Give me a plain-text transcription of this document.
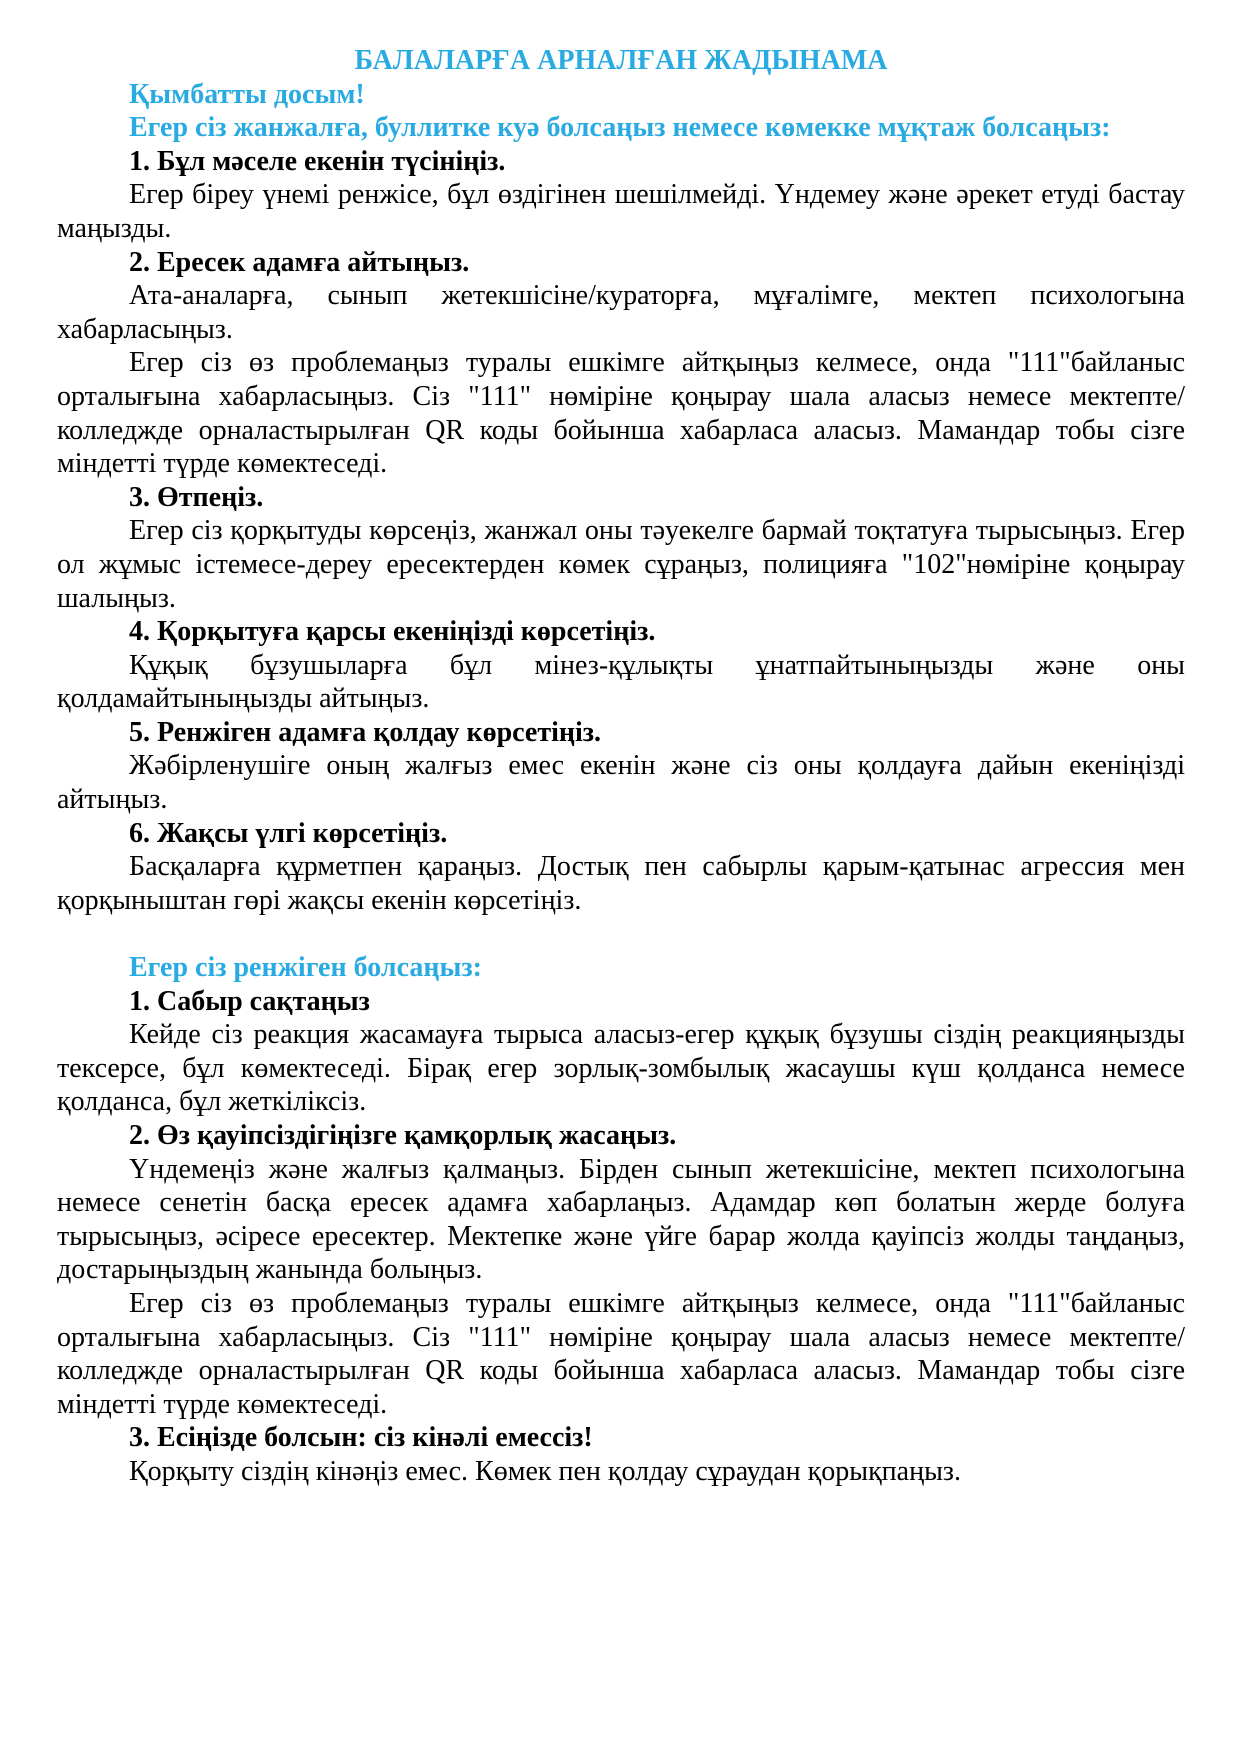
БАЛАЛАРҒА АРНАЛҒАН ЖАДЫНАМА

Қымбатты досым!

Егер сіз жанжалға, буллитке куә болсаңыз немесе көмекке мұқтаж болсаңыз:

1. Бұл мәселе екенін түсініңіз.

Егер біреу үнемі ренжісе, бұл өздігінен шешілмейді. Үндемеу және әрекет етуді бастау маңызды.

2. Ересек адамға айтыңыз.

Ата-аналарға, сынып жетекшісіне/кураторға, мұғалімге, мектеп психологына хабарласыңыз.

Егер сіз өз проблемаңыз туралы ешкімге айтқыңыз келмесе, онда "111"байланыс орталығына хабарласыңыз. Сіз "111" нөміріне қоңырау шала аласыз немесе мектепте/колледжде орналастырылған QR коды бойынша хабарласа аласыз. Мамандар тобы сізге міндетті түрде көмектеседі.

3. Өтпеңіз.

Егер сіз қорқытуды көрсеңіз, жанжал оны тәуекелге бармай тоқтатуға тырысыңыз. Егер ол жұмыс істемесе-дереу ересектерден көмек сұраңыз, полицияға "102"нөміріне қоңырау шалыңыз.

4. Қорқытуға қарсы екеніңізді көрсетіңіз.

Құқық бұзушыларға бұл мінез-құлықты ұнатпайтыныңызды және оны қолдамайтыныңызды айтыңыз.

5. Ренжіген адамға қолдау көрсетіңіз.

Жәбірленушіге оның жалғыз емес екенін және сіз оны қолдауға дайын екеніңізді айтыңыз.

6. Жақсы үлгі көрсетіңіз.

Басқаларға құрметпен қараңыз. Достық пен сабырлы қарым-қатынас агрессия мен қорқыныштан гөрі жақсы екенін көрсетіңіз.

Егер сіз ренжіген болсаңыз:

1. Сабыр сақтаңыз

Кейде сіз реакция жасамауға тырыса аласыз-егер құқық бұзушы сіздің реакцияңызды тексерсе, бұл көмектеседі. Бірақ егер зорлық-зомбылық жасаушы күш қолданса немесе қолданса, бұл жеткіліксіз.

2. Өз қауіпсіздігіңізге қамқорлық жасаңыз.

Үндемеңіз және жалғыз қалмаңыз. Бірден сынып жетекшісіне, мектеп психологына немесе сенетін басқа ересек адамға хабарлаңыз. Адамдар көп болатын жерде болуға тырысыңыз, әсіресе ересектер. Мектепке және үйге барар жолда қауіпсіз жолды таңдаңыз, достарыңыздың жанында болыңыз.

Егер сіз өз проблемаңыз туралы ешкімге айтқыңыз келмесе, онда "111"байланыс орталығына хабарласыңыз. Сіз "111" нөміріне қоңырау шала аласыз немесе мектепте/колледжде орналастырылған QR коды бойынша хабарласа аласыз. Мамандар тобы сізге міндетті түрде көмектеседі.

3. Есіңізде болсын: сіз кінәлі емессіз!

Қорқыту сіздің кінәңіз емес. Көмек пен қолдау сұраудан қорықпаңыз.
